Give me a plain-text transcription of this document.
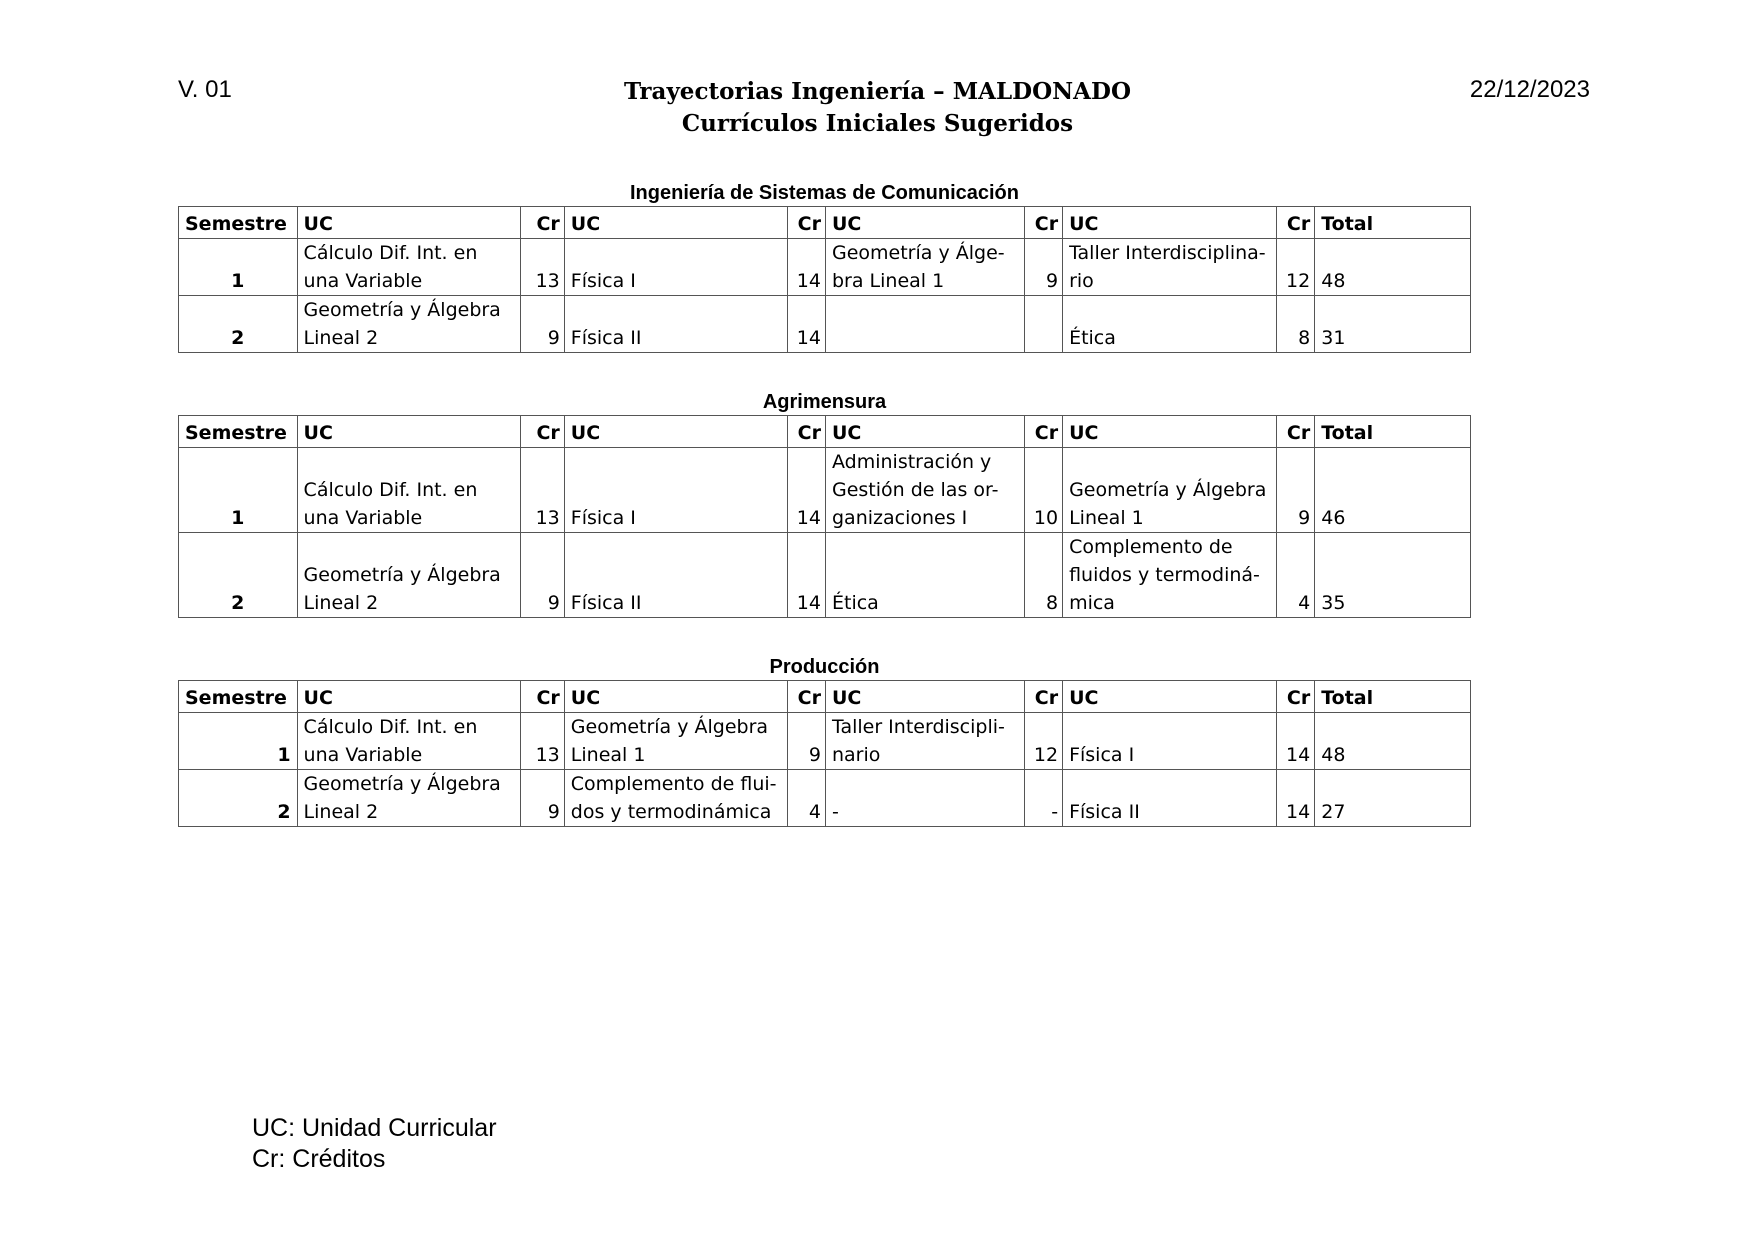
V. 01	Trayectorias Ingeniería – MALDONADO
Currículos Iniciales Sugeridos
22/12/2023
Ingeniería de Sistemas de Comunicación
Semestre	UC	Cr	UC	Cr	UC	Cr	UC	Cr	Total
1	Cálculo Dif. Int. en una Variable	13	Física I	14	Geometría y Álge-bra Lineal 1	9	Taller Interdisciplina-rio	12	48
2	Geometría y Álgebra Lineal 2	9	Física II	14			Ética	8	31
Agrimensura
Semestre	UC	Cr	UC	Cr	UC	Cr	UC	Cr	Total
1	Cálculo Dif. Int. en una Variable	13	Física I	14	Administración y Gestión de las or-ganizaciones I	10	Geometría y Álgebra Lineal 1	9	46
2	Geometría y Álgebra Lineal 2	9	Física II	14	Ética	8	Complemento de fluidos y termodiná-mica	4	35
Producción
Semestre	UC	Cr	UC	Cr	UC	Cr	UC	Cr	Total
1	Cálculo Dif. Int. en una Variable	13	Geometría y Álgebra Lineal 1	9	Taller Interdiscipli-nario	12	Física I	14	48
2	Geometría y Álgebra Lineal 2	9	Complemento de flui-dos y termodinámica	4	-	-	Física II	14	27
UC: Unidad Curricular
Cr: Créditos
